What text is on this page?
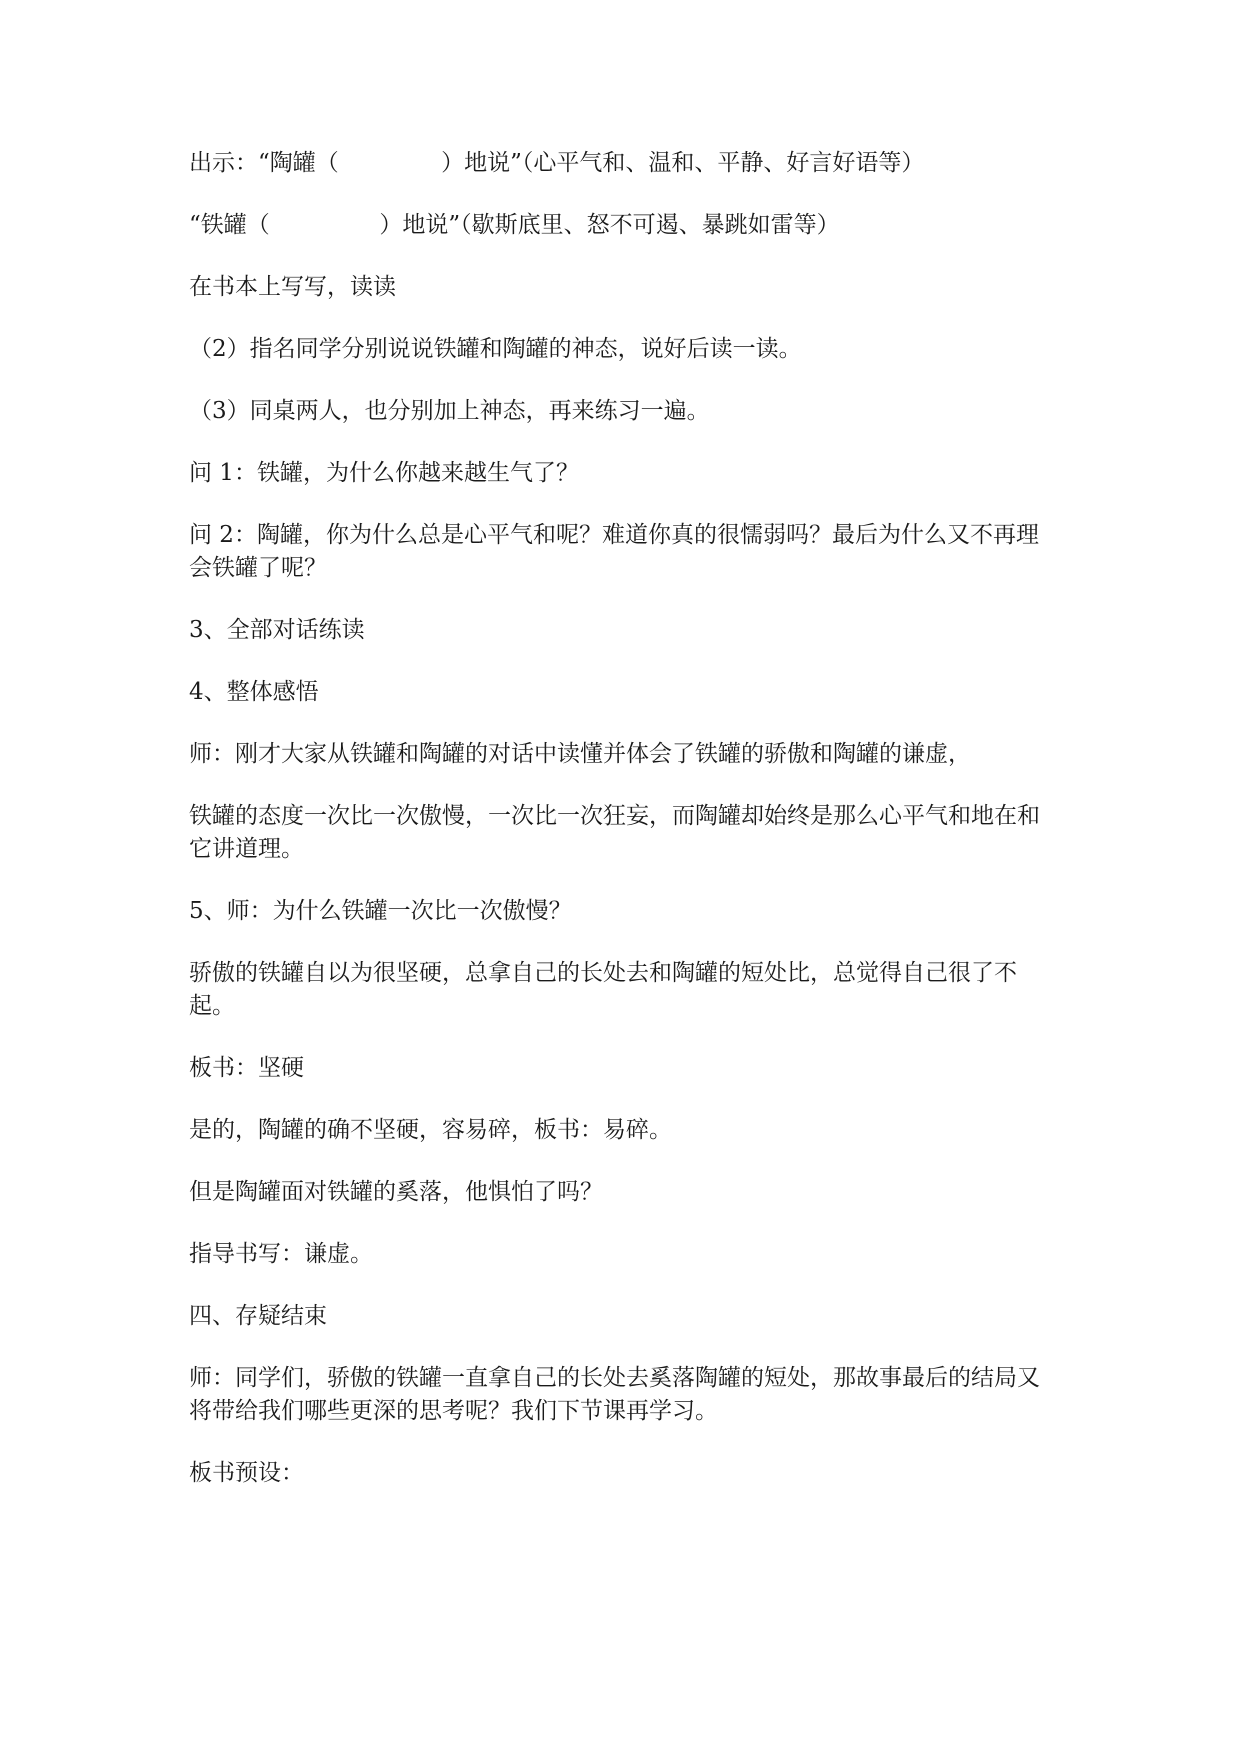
出示：“陶罐（              ）地说”（心平气和、温和、平静、好言好语等）

“铁罐（               ）地说”（歇斯底里、怒不可遏、暴跳如雷等）

在书本上写写，读读

（2）指名同学分别说说铁罐和陶罐的神态，说好后读一读。

（3）同桌两人，也分别加上神态，再来练习一遍。

问 1：铁罐，为什么你越来越生气了？

问 2：陶罐，你为什么总是心平气和呢？难道你真的很懦弱吗？最后为什么又不再理会铁罐了呢？

3、全部对话练读

4、整体感悟

师：刚才大家从铁罐和陶罐的对话中读懂并体会了铁罐的骄傲和陶罐的谦虚，

铁罐的态度一次比一次傲慢，一次比一次狂妄，而陶罐却始终是那么心平气和地在和它讲道理。

5、师：为什么铁罐一次比一次傲慢？

骄傲的铁罐自以为很坚硬，总拿自己的长处去和陶罐的短处比，总觉得自己很了不起。

板书：坚硬

是的，陶罐的确不坚硬，容易碎，板书：易碎。

但是陶罐面对铁罐的奚落，他惧怕了吗？

指导书写：谦虚。

四、存疑结束

师：同学们，骄傲的铁罐一直拿自己的长处去奚落陶罐的短处，那故事最后的结局又将带给我们哪些更深的思考呢？我们下节课再学习。

板书预设：
